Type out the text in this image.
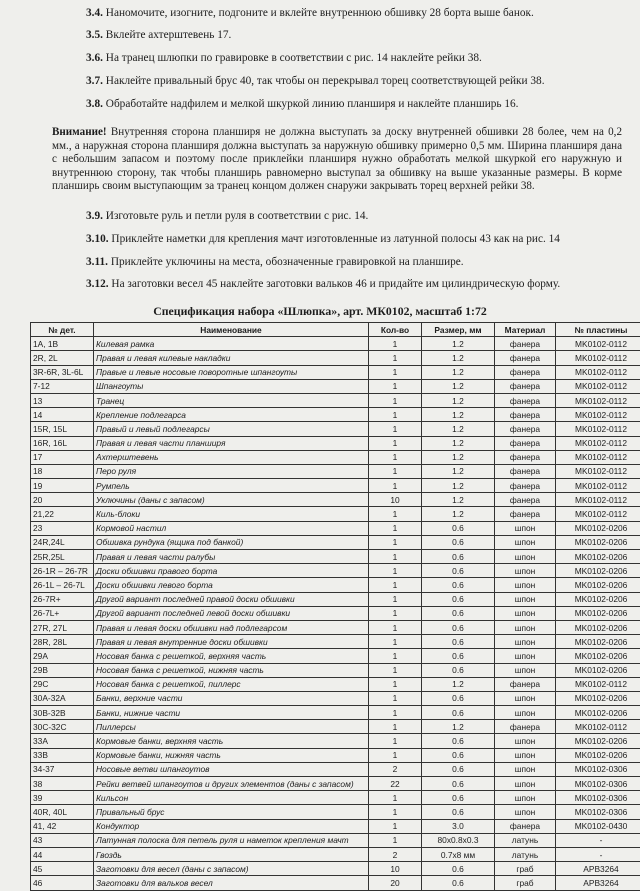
3.4. Наномочите, изогните, подгоните и вклейте внутреннюю обшивку 28 борта выше банок.
3.5. Вклейте ахтерштевень 17.
3.6. На транец шлюпки по гравировке в соответствии с рис. 14 наклейте рейки 38.
3.7. Наклейте привальный брус 40, так чтобы он перекрывал торец соответствующей рейки 38.
3.8. Обработайте надфилем и мелкой шкуркой линию планширя и наклейте планширь 16.
Внимание! Внутренняя сторона планширя не должна выступать за доску внутренней обшивки 28 более, чем на 0,2 мм., а наружная сторона планширя должна выступать за наружную обшивку примерно 0,5 мм. Ширина планширя дана с небольшим запасом и поэтому после приклейки планширя нужно обработать мелкой шкуркой его наружную и внутреннюю сторону, так чтобы планширь равномерно выступал за обшивку на выше указанные размеры. В корме планширь своим выступающим за транец концом должен снаружи закрывать торец верхней рейки 38.
3.9. Изготовьте руль и петли руля в соответствии с рис. 14.
3.10. Приклейте наметки для крепления мачт изготовленные из латунной полосы 43 как на рис. 14
3.11. Приклейте уключины на места, обозначенные гравировкой на планшире.
3.12. На заготовки весел 45 наклейте заготовки вальков 46 и придайте им цилиндрическую форму.
Спецификация набора «Шлюпка», арт. МК0102, масштаб 1:72
№ дет.	Наименование	Кол-во	Размер, мм	Материал	№ пластины
1A, 1B	Килевая рамка	1	1.2	фанера	MK0102-0112
2R, 2L	Правая и левая килевые накладки	1	1.2	фанера	MK0102-0112
3R-6R, 3L-6L	Правые и левые носовые поворотные шпангоуты	1	1.2	фанера	MK0102-0112
7-12	Шпангоуты	1	1.2	фанера	MK0102-0112
13	Транец	1	1.2	фанера	MK0102-0112
14	Крепление подлегарса	1	1.2	фанера	MK0102-0112
15R, 15L	Правый и левый подлегарсы	1	1.2	фанера	MK0102-0112
16R, 16L	Правая и левая части планширя	1	1.2	фанера	MK0102-0112
17	Ахтерштевень	1	1.2	фанера	MK0102-0112
18	Перо руля	1	1.2	фанера	MK0102-0112
19	Румпель	1	1.2	фанера	MK0102-0112
20	Уключины (даны с запасом)	10	1.2	фанера	MK0102-0112
21,22	Киль-блоки	1	1.2	фанера	MK0102-0112
23	Кормовой настил	1	0.6	шпон	MK0102-0206
24R,24L	Обшивка рундука (ящика под банкой)	1	0.6	шпон	MK0102-0206
25R,25L	Правая и левая части ралубы	1	0.6	шпон	MK0102-0206
26-1R – 26-7R	Доски обшивки правого борта	1	0.6	шпон	MK0102-0206
26-1L – 26-7L	Доски обшивки левого борта	1	0.6	шпон	MK0102-0206
26-7R+	Другой вариант последней правой доски обшивки	1	0.6	шпон	MK0102-0206
26-7L+	Другой вариант последней левой доски обшивки	1	0.6	шпон	MK0102-0206
27R, 27L	Правая и левая доски обшивки над подлегарсом	1	0.6	шпон	MK0102-0206
28R, 28L	Правая и левая внутренние доски обшивки	1	0.6	шпон	MK0102-0206
29A	Носовая банка с решеткой, верхняя часть	1	0.6	шпон	MK0102-0206
29B	Носовая банка с решеткой, нижняя часть	1	0.6	шпон	MK0102-0206
29C	Носовая банка с решеткой, пиллерс	1	1.2	фанера	MK0102-0112
30A-32A	Банки, верхние части	1	0.6	шпон	MK0102-0206
30B-32B	Банки, нижние части	1	0.6	шпон	MK0102-0206
30C-32C	Пиллерсы	1	1.2	фанера	MK0102-0112
33A	Кормовые банки, верхняя часть	1	0.6	шпон	MK0102-0206
33B	Кормовые банки, нижняя часть	1	0.6	шпон	MK0102-0206
34-37	Носовые ветви шпангоутов	2	0.6	шпон	MK0102-0306
38	Рейки ветвей шпангоутов и других элементов (даны с запасом)	22	0.6	шпон	MK0102-0306
39	Кильсон	1	0.6	шпон	MK0102-0306
40R, 40L	Привальный брус	1	0.6	шпон	MK0102-0306
41, 42	Кондуктор	1	3.0	фанера	MK0102-0430
43	Латунная полоска для петель руля и наметок крепления мачт	1	80x0.8x0.3	латунь	-
44	Гвоздь	2	0.7x8 мм	латунь	-
45	Заготовки для весел (даны с запасом)	10	0.6	граб	APB3264
46	Заготовки для вальков весел	20	0.6	граб	APB3264
